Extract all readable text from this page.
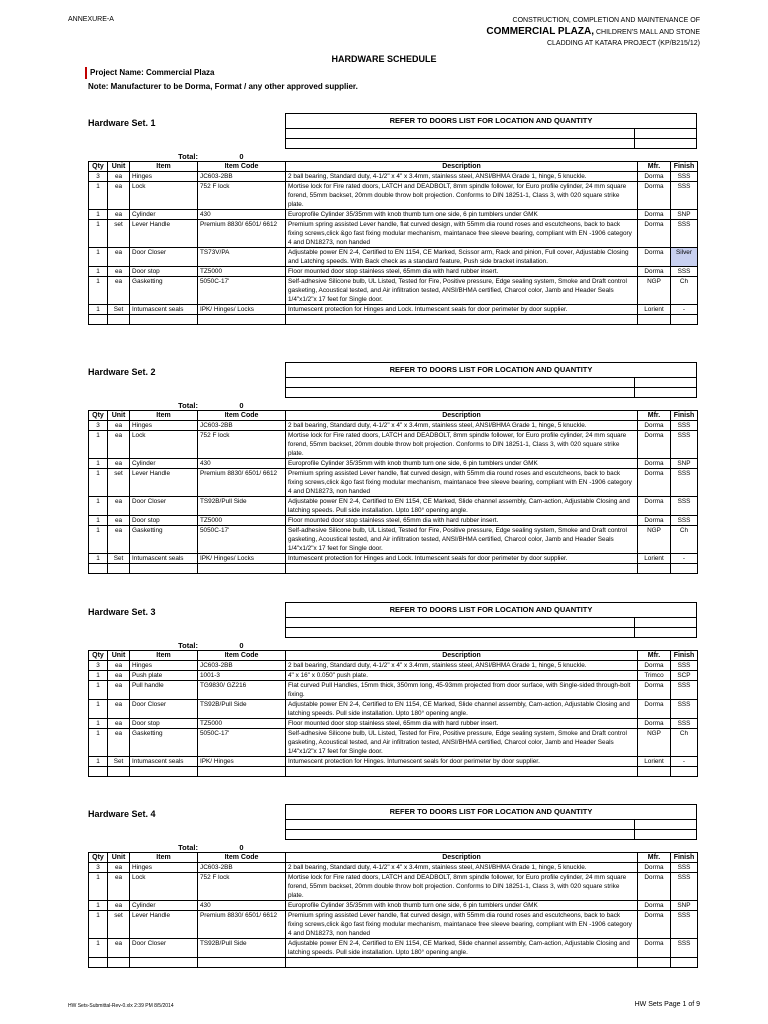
ANNEXURE-A	CONSTRUCTION, COMPLETION AND MAINTENANCE OF
COMMERCIAL PLAZA, CHILDREN'S MALL AND STONE
CLADDING AT KATARA PROJECT (KP/B215/12)
HARDWARE SCHEDULE
Project Name: Commercial Plaza
Note: Manufacturer to be Dorma, Format / any other approved supplier.
Hardware Set. 1	REFER TO DOORS LIST FOR LOCATION AND QUANTITY
Total:	0
Qty	Unit	Item	Item Code	Description	Mfr.	Finish
3	ea	Hinges	JC603-2BB	2 ball bearing, Standard duty, 4-1/2" x 4" x 3.4mm, stainless steel, ANSI/BHMA Grade 1, hinge, 5 knuckle.	Dorma	SSS
1	ea	Lock	752 F lock	Mortise lock for Fire rated doors, LATCH and DEADBOLT, 8mm spindle follower, for Euro profile cylinder, 24 mm square forend, 55mm backset, 20mm double throw bolt projection. Conforms to DIN 18251-1, Class 3, with 020 square strike plate.	Dorma	SSS
1	ea	Cylinder	430	Europrofile Cylinder 35/35mm with knob thumb turn one side, 6 pin tumblers under GMK	Dorma	SNP
1	set	Lever Handle	Premium 8830/ 6501/ 6612	Premium spring assisted Lever handle, flat curved design, with 55mm dia round roses and escutcheons, back to back fixing screws,click &go fast fixing modular mechanism, maintanace free sleeve bearing, compliant with EN -1906 category 4 and DN18273, non handed	Dorma	SSS
1	ea	Door Closer	TS73V/PA	Adjustable power EN 2-4, Certified to EN 1154, CE Marked, Scissor arm, Rack and pinion, Full cover, Adjustable Closing and Latching speeds. With Back check as a standard feature, Push side bracket installation.	Dorma	Silver
1	ea	Door stop	TZ5000	Floor mounted door stop stainless steel, 65mm dia with hard rubber insert.	Dorma	SSS
1	ea	Gasketting	5050C-17'	Self-adhesive Silicone bulb, UL Listed, Tested for Fire, Positive pressure, Edge sealing system, Smoke and Draft control gasketing, Acoustical tested, and Air infiltration tested, ANSI/BHMA certified, Charcol color, Jamb and Header Seals 1/4"x1/2"x 17 feet for Single door.	NGP	Ch
1	Set	Intumascent seals	IPK/ Hinges/ Locks	Intumescent protection for Hinges and Lock. Intumescent seals for door perimeter by door supplier.	Lorient	-

Hardware Set. 2	REFER TO DOORS LIST FOR LOCATION AND QUANTITY
Total:	0
Qty	Unit	Item	Item Code	Description	Mfr.	Finish
3	ea	Hinges	JC603-2BB	2 ball bearing, Standard duty, 4-1/2" x 4" x 3.4mm, stainless steel, ANSI/BHMA Grade 1, hinge, 5 knuckle.	Dorma	SSS
1	ea	Lock	752 F lock	Mortise lock for Fire rated doors, LATCH and DEADBOLT, 8mm spindle follower, for Euro profile cylinder, 24 mm square forend, 55mm backset, 20mm double throw bolt projection. Conforms to DIN 18251-1, Class 3, with 020 square strike plate.	Dorma	SSS
1	ea	Cylinder	430	Europrofile Cylinder 35/35mm with knob thumb turn one side, 6 pin tumblers under GMK	Dorma	SNP
1	set	Lever Handle	Premium 8830/ 6501/ 6612	Premium spring assisted Lever handle, flat curved design, with 55mm dia round roses and escutcheons, back to back fixing screws,click &go fast fixing modular mechanism, maintanace free sleeve bearing, compliant with EN -1906 category 4 and DN18273, non handed	Dorma	SSS
1	ea	Door Closer	TS92B/Pull Side	Adjustable power EN 2-4, Certified to EN 1154, CE Marked, Slide channel assembly, Cam-action, Adjustable Closing and latching speeds. Pull side installation. Upto 180° opening angle.	Dorma	SSS
1	ea	Door stop	TZ5000	Floor mounted door stop stainless steel, 65mm dia with hard rubber insert.	Dorma	SSS
1	ea	Gasketting	5050C-17'	Self-adhesive Silicone bulb, UL Listed, Tested for Fire, Positive pressure, Edge sealing system, Smoke and Draft control gasketing, Acoustical tested, and Air infiltration tested, ANSI/BHMA certified, Charcol color, Jamb and Header Seals 1/4"x1/2"x 17 feet for Single door.	NGP	Ch
1	Set	Intumascent seals	IPK/ Hinges/ Locks	Intumescent protection for Hinges and Lock. Intumescent seals for door perimeter by door supplier.	Lorient	-

Hardware Set. 3	REFER TO DOORS LIST FOR LOCATION AND QUANTITY
Total:	0
Qty	Unit	Item	Item Code	Description	Mfr.	Finish
3	ea	Hinges	JC603-2BB	2 ball bearing, Standard duty, 4-1/2" x 4" x 3.4mm, stainless steel, ANSI/BHMA Grade 1, hinge, 5 knuckle.	Dorma	SSS
1	ea	Push plate	1001-3	4" x 16" x 0.050" push plate.	Trimco	SCP
1	ea	Pull handle	TG9830/ GZ216	Flat curved Pull Handles, 15mm thick, 350mm long, 45-93mm projected from door surface, with Single-sided through-bolt fixing.	Dorma	SSS
1	ea	Door Closer	TS92B/Pull Side	Adjustable power EN 2-4, Certified to EN 1154, CE Marked, Slide channel assembly, Cam-action, Adjustable Closing and latching speeds. Pull side installation. Upto 180° opening angle.	Dorma	SSS
1	ea	Door stop	TZ5000	Floor mounted door stop stainless steel, 65mm dia with hard rubber insert.	Dorma	SSS
1	ea	Gasketting	5050C-17'	Self-adhesive Silicone bulb, UL Listed, Tested for Fire, Positive pressure, Edge sealing system, Smoke and Draft control gasketing, Acoustical tested, and Air infiltration tested, ANSI/BHMA certified, Charcol color, Jamb and Header Seals 1/4"x1/2"x 17 feet for Single door.	NGP	Ch
1	Set	Intumascent seals	IPK/ Hinges	Intumescent protection for Hinges. Intumescent seals for door perimeter by door supplier.	Lorient	-

Hardware Set. 4	REFER TO DOORS LIST FOR LOCATION AND QUANTITY
Total:	0
Qty	Unit	Item	Item Code	Description	Mfr.	Finish
3	ea	Hinges	JC603-2BB	2 ball bearing, Standard duty, 4-1/2" x 4" x 3.4mm, stainless steel, ANSI/BHMA Grade 1, hinge, 5 knuckle.	Dorma	SSS
1	ea	Lock	752 F lock	Mortise lock for Fire rated doors, LATCH and DEADBOLT, 8mm spindle follower, for Euro profile cylinder, 24 mm square forend, 55mm backset, 20mm double throw bolt projection. Conforms to DIN 18251-1, Class 3, with 020 square strike plate.	Dorma	SSS
1	ea	Cylinder	430	Europrofile Cylinder 35/35mm with knob thumb turn one side, 6 pin tumblers under GMK	Dorma	SNP
1	set	Lever Handle	Premium 8830/ 6501/ 6612	Premium spring assisted Lever handle, flat curved design, with 55mm dia round roses and escutcheons, back to back fixing screws,click &go fast fixing modular mechanism, maintanace free sleeve bearing, compliant with EN -1906 category 4 and DN18273, non handed	Dorma	SSS
1	ea	Door Closer	TS92B/Pull Side	Adjustable power EN 2-4, Certified to EN 1154, CE Marked, Slide channel assembly, Cam-action, Adjustable Closing and latching speeds. Pull side installation. Upto 180° opening angle.	Dorma	SSS

HW Sets-Submittal-Rev-0.xlx 2:39 PM 8/5/2014	HW Sets Page 1 of 9
